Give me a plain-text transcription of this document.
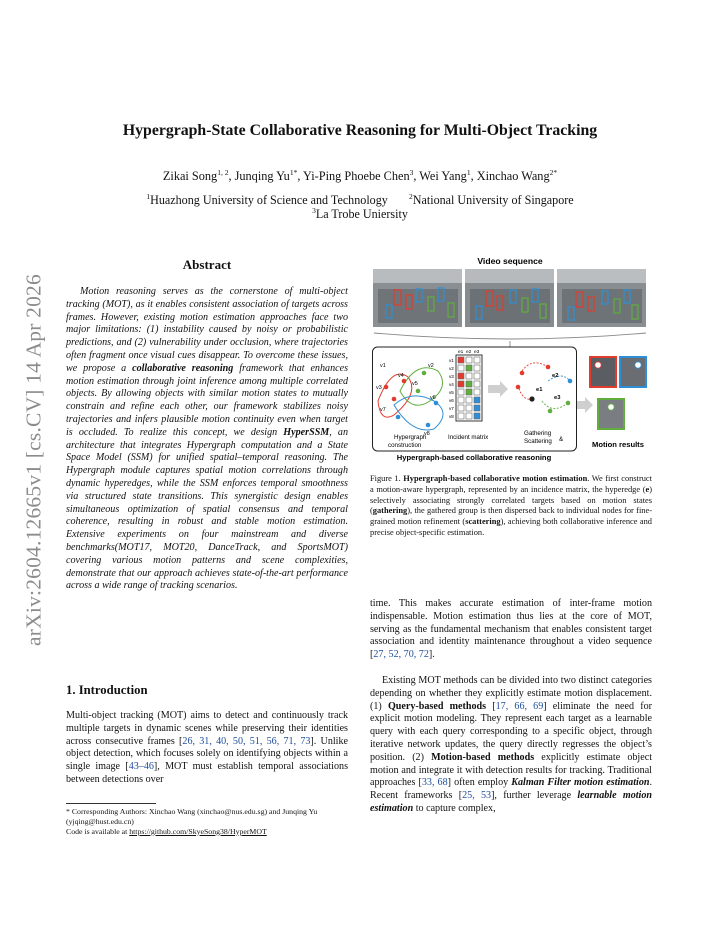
arXiv:2604.12665v1 [cs.CV] 14 Apr 2026
Hypergraph-State Collaborative Reasoning for Multi-Object Tracking
Zikai Song$^{1, 2}$, Junqing $Yu^{1*}$, Yi-Ping Phoebe Chen$^3$, Wei Yang$^1$, Xinchao Wang$^{2*}$
$^1$Huazhong University of Science and Technology	$^2$National University of Singapore
$^3$La Trobe Uniersity
Abstract

Motion reasoning serves as the cornerstone of multi-object tracking (MOT), as it enables consistent association of targets across frames. However, existing motion estimation approaches face two major limitations: (1) instability caused by noisy or probabilistic predictions, and (2) vulnerability under occlusion, where trajectories often fragment once visual cues disappear. To overcome these issues, we propose a collaborative reasoning framework that enhances motion estimation through joint inference among multiple correlated objects. By allowing objects with similar motion states to mutually constrain and refine each other, our framework stabilizes noisy trajectories and infers plausible motion continuity even when target is occluded. To realize this concept, we design HyperSSM, an architecture that integrates Hypergraph computation and a State Space Model (SSM) for unified spatial–temporal reasoning. The Hypergraph module captures spatial motion correlations through dynamic hyperedges, while the SSM enforces temporal smoothness via structured state transitions. This synergistic design enables simultaneous optimization of spatial consensus and temporal coherence, resulting in robust and stable motion estimation. Extensive experiments on four mainstream and diverse benchmarks(MOT17, MOT20, DanceTrack, and SportsMOT) covering various motion patterns and scene complexities, demonstrate that our approach achieves state-of-the-art performance across a wide range of tracking scenarios.

1. Introduction

Multi-object tracking (MOT) aims to detect and continuously track multiple targets in dynamic scenes while preserving their identities across consecutive frames [26, 31, 40, 50, 51, 56, 71, 73]. Unlike object detection, which focuses solely on identifying objects within a single image [43–46], MOT must establish temporal associations between detections over

* Corresponding Authors: Xinchao Wang (xinchao@nus.edu.sg) and Junqing Yu (yjqing@hust.edu.cn)

Code is available at https://github.com/SkyeSong38/HyperMOT

Video sequence
v1	v2
v3
v4
v5
v6
v7
v8
Hypergraph
construction
e1 e2 e3
v1
v2
v3
v4
v5
v6
v7
v8
Incident matrix
e1
e2
e3
Gathering
Scattering &
Hypergraph-based collaborative reasoning
Motion results

Figure 1. Hypergraph-based collaborative motion estimation. We first construct a motion-aware hypergraph, represented by an incidence matrix, the hyperedge (e) selectively associating strongly correlated targets based on motion states (gathering), the gathered group is then dispersed back to individual nodes for fine-grained motion refinement (scattering), achieving both collaborative inference and precise object-specific estimation.

time. This makes accurate estimation of inter-frame motion indispensable. Motion estimation thus lies at the core of MOT, serving as the fundamental mechanism that enables consistent target association and identity maintenance throughout a video sequence [27, 52, 70, 72].

Existing MOT methods can be divided into two distinct categories depending on whether they explicitly estimate motion displacement. (1) Query-based methods [17, 66, 69] eliminate the need for explicit motion modeling. They represent each target as a learnable query with each query corresponding to a specific object, through iterative network updates, the query directly regresses the object’s position. (2) Motion-based methods explicitly estimate object motion and integrate it with detection results for tracking. Traditional approaches [33, 68] often employ Kalman Filter motion estimation. Recent frameworks [25, 53], further leverage learnable motion estimation to capture complex,
